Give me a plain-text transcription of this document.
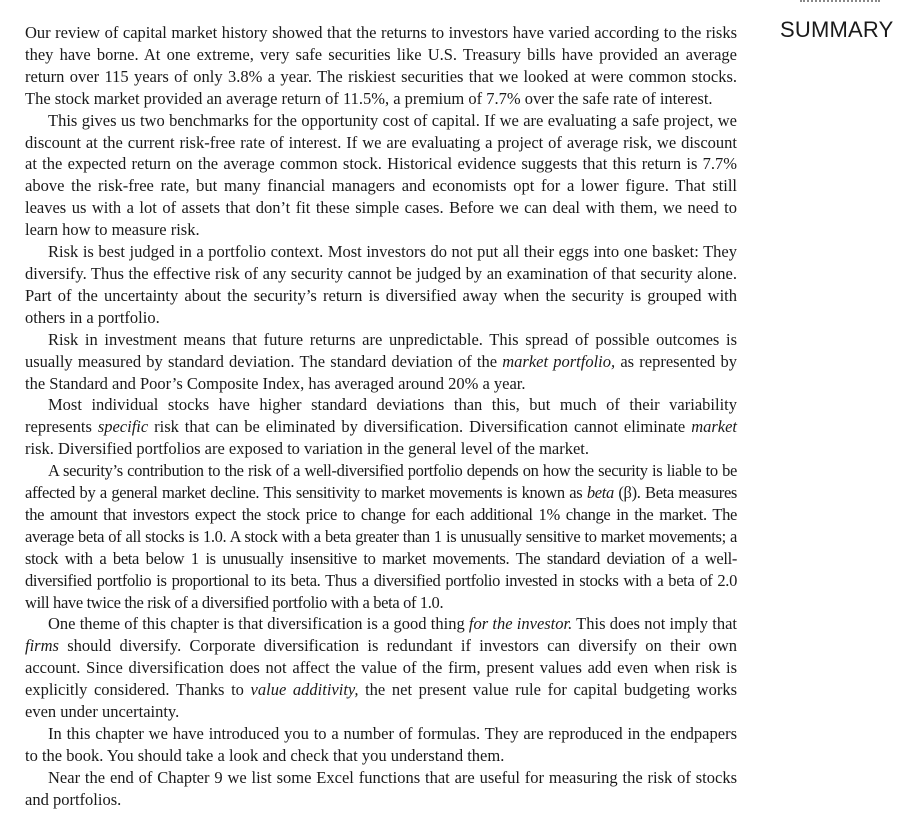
SUMMARY

Our review of capital market history showed that the returns to investors have varied according to the risks they have borne. At one extreme, very safe securities like U.S. Treasury bills have provided an average return over 115 years of only 3.8% a year. The riskiest securities that we looked at were common stocks. The stock market provided an average return of 11.5%, a premium of 7.7% over the safe rate of interest.

This gives us two benchmarks for the opportunity cost of capital. If we are evaluating a safe project, we discount at the current risk-free rate of interest. If we are evaluating a project of average risk, we discount at the expected return on the average common stock. Historical evidence suggests that this return is 7.7% above the risk-free rate, but many financial managers and economists opt for a lower figure. That still leaves us with a lot of assets that don’t fit these simple cases. Before we can deal with them, we need to learn how to measure risk.

Risk is best judged in a portfolio context. Most investors do not put all their eggs into one basket: They diversify. Thus the effective risk of any security cannot be judged by an examination of that security alone. Part of the uncertainty about the security’s return is diversified away when the security is grouped with others in a portfolio.

Risk in investment means that future returns are unpredictable. This spread of possible outcomes is usually measured by standard deviation. The standard deviation of the market portfolio, as represented by the Standard and Poor’s Composite Index, has averaged around 20% a year.

Most individual stocks have higher standard deviations than this, but much of their variability represents specific risk that can be eliminated by diversification. Diversification cannot eliminate market risk. Diversified portfolios are exposed to variation in the general level of the market.

A security’s contribution to the risk of a well-diversified portfolio depends on how the security is liable to be affected by a general market decline. This sensitivity to market movements is known as beta (β). Beta measures the amount that investors expect the stock price to change for each additional 1% change in the market. The average beta of all stocks is 1.0. A stock with a beta greater than 1 is unusually sensitive to market movements; a stock with a beta below 1 is unusually insensitive to market movements. The standard deviation of a well-diversified portfolio is proportional to its beta. Thus a diversified portfolio invested in stocks with a beta of 2.0 will have twice the risk of a diversified portfolio with a beta of 1.0.

One theme of this chapter is that diversification is a good thing for the investor. This does not imply that firms should diversify. Corporate diversification is redundant if investors can diversify on their own account. Since diversification does not affect the value of the firm, present values add even when risk is explicitly considered. Thanks to value additivity, the net present value rule for capital budgeting works even under uncertainty.

In this chapter we have introduced you to a number of formulas. They are reproduced in the endpapers to the book. You should take a look and check that you understand them.

Near the end of Chapter 9 we list some Excel functions that are useful for measuring the risk of stocks and portfolios.
